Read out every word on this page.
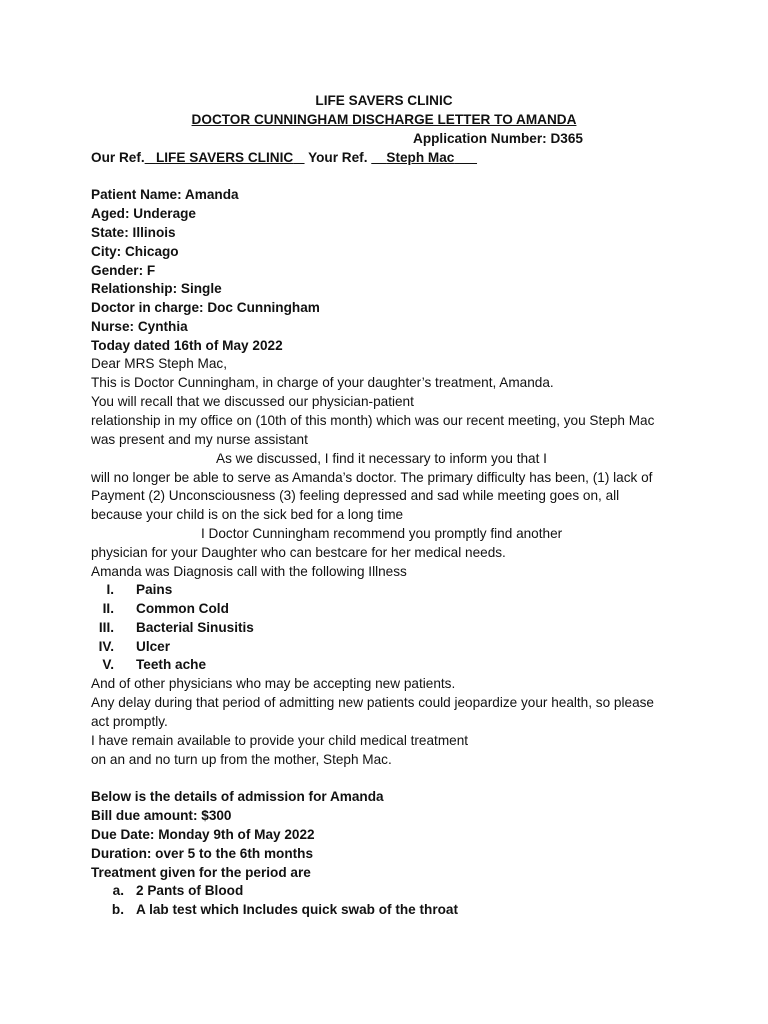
LIFE SAVERS CLINIC
DOCTOR CUNNINGHAM DISCHARGE LETTER TO AMANDA
Application Number: D365
Our Ref. LIFE SAVERS CLINIC Your Ref. Steph Mac
Patient Name: Amanda
Aged: Underage
State: Illinois
City: Chicago
Gender: F
Relationship: Single
Doctor in charge: Doc Cunningham
Nurse: Cynthia
Today dated 16th of May 2022
Dear MRS Steph Mac,
This is Doctor Cunningham, in charge of your daughter’s treatment, Amanda.
You will recall that we discussed our physician-patient
relationship in my office on (10th of this month) which was our recent meeting, you Steph Mac
was present and my nurse assistant
As we discussed, I find it necessary to inform you that I
will no longer be able to serve as Amanda’s doctor. The primary difficulty has been, (1) lack of
Payment (2) Unconsciousness (3) feeling depressed and sad while meeting goes on, all
because your child is on the sick bed for a long time
I Doctor Cunningham recommend you promptly find another
physician for your Daughter who can bestcare for her medical needs.
Amanda was Diagnosis call with the following Illness
I. Pains
II. Common Cold
III. Bacterial Sinusitis
IV. Ulcer
V. Teeth ache
And of other physicians who may be accepting new patients.
Any delay during that period of admitting new patients could jeopardize your health, so please
act promptly.
I have remain available to provide your child medical treatment
on an and no turn up from the mother, Steph Mac.
Below is the details of admission for Amanda
Bill due amount: $300
Due Date: Monday 9th of May 2022
Duration: over 5 to the 6th months
Treatment given for the period are
a. 2 Pants of Blood
b. A lab test which Includes quick swab of the throat
